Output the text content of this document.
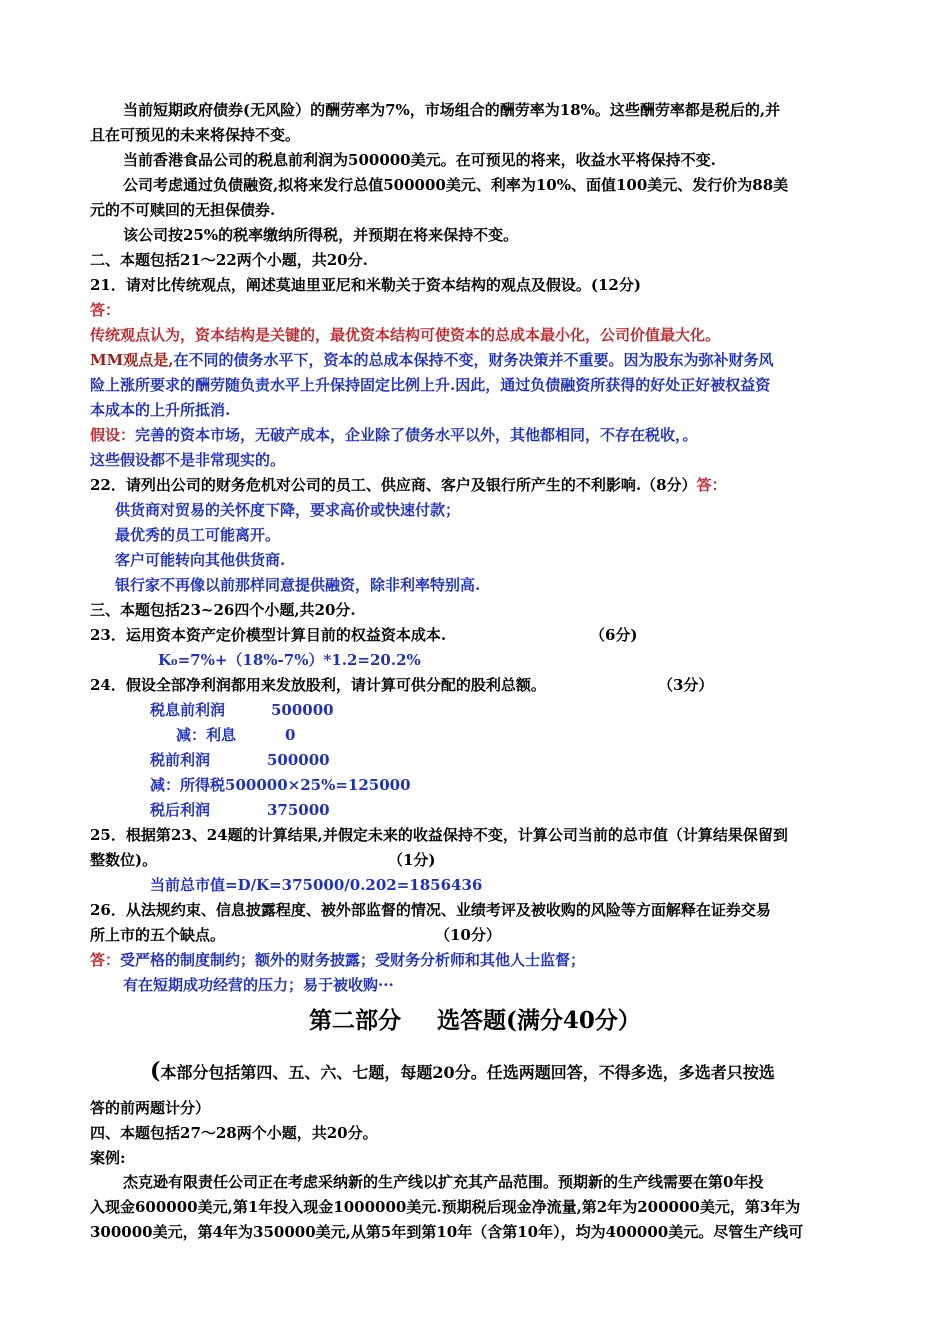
当前短期政府债券(无风险）的酬劳率为7%，市场组合的酬劳率为18%。这些酬劳率都是税后的,并
且在可预见的未来将保持不变。
当前香港食品公司的税息前利润为500000美元。在可预见的将来，收益水平将保持不变.
公司考虑通过负债融资,拟将来发行总值500000美元、利率为10%、面值100美元、发行价为88美
元的不可赎回的无担保债券.
该公司按25%的税率缴纳所得税，并预期在将来保持不变。
二、本题包括21～22两个小题，共20分.
21．请对比传统观点，阐述莫迪里亚尼和米勒关于资本结构的观点及假设。(12分)
答：
传统观点认为，资本结构是关键的，最优资本结构可使资本的总成本最小化，公司价值最大化。
MM观点是,在不同的债务水平下，资本的总成本保持不变，财务决策并不重要。因为股东为弥补财务风
险上涨所要求的酬劳随负责水平上升保持固定比例上升.因此，通过负债融资所获得的好处正好被权益资
本成本的上升所抵消.
假设：完善的资本市场，无破产成本，企业除了债务水平以外，其他都相同，不存在税收，。
这些假设都不是非常现实的。
22．请列出公司的财务危机对公司的员工、供应商、客户及银行所产生的不利影响.（8分）答：
供货商对贸易的关怀度下降，要求高价或快速付款；
最优秀的员工可能离开。
客户可能转向其他供货商.
银行家不再像以前那样同意提供融资，除非利率特别高.
三、本题包括23~26四个小题,共20分.
23．运用资本资产定价模型计算目前的权益资本成本.	（6分)
K₀=7%+（18%-7%）*1.2=20.2%
24．假设全部净利润都用来发放股利，请计算可供分配的股利总额。	（3分）
税息前利润	500000
减：利息	0
税前利润	500000
减：所得税500000×25%=125000
税后利润	375000
25．根据第23、24题的计算结果,并假定未来的收益保持不变，计算公司当前的总市值（计算结果保留到
整数位)。	（1分)
当前总市值=D/K=375000/0.202=1856436
26．从法规约束、信息披露程度、被外部监督的情况、业绩考评及被收购的风险等方面解释在证券交易
所上市的五个缺点。	（10分）
答：受严格的制度制约；额外的财务披露；受财务分析师和其他人士监督；
有在短期成功经营的压力；易于被收购···
第二部分 选答题(满分40分）
(本部分包括第四、五、六、七题，每题20分。任选两题回答，不得多选，多选者只按选
答的前两题计分）
四、本题包括27～28两个小题，共20分。
案例:
杰克逊有限责任公司正在考虑采纳新的生产线以扩充其产品范围。预期新的生产线需要在第0年投
入现金600000美元,第1年投入现金1000000美元.预期税后现金净流量,第2年为200000美元，第3年为
300000美元，第4年为350000美元,从第5年到第10年（含第10年），均为400000美元。尽管生产线可
